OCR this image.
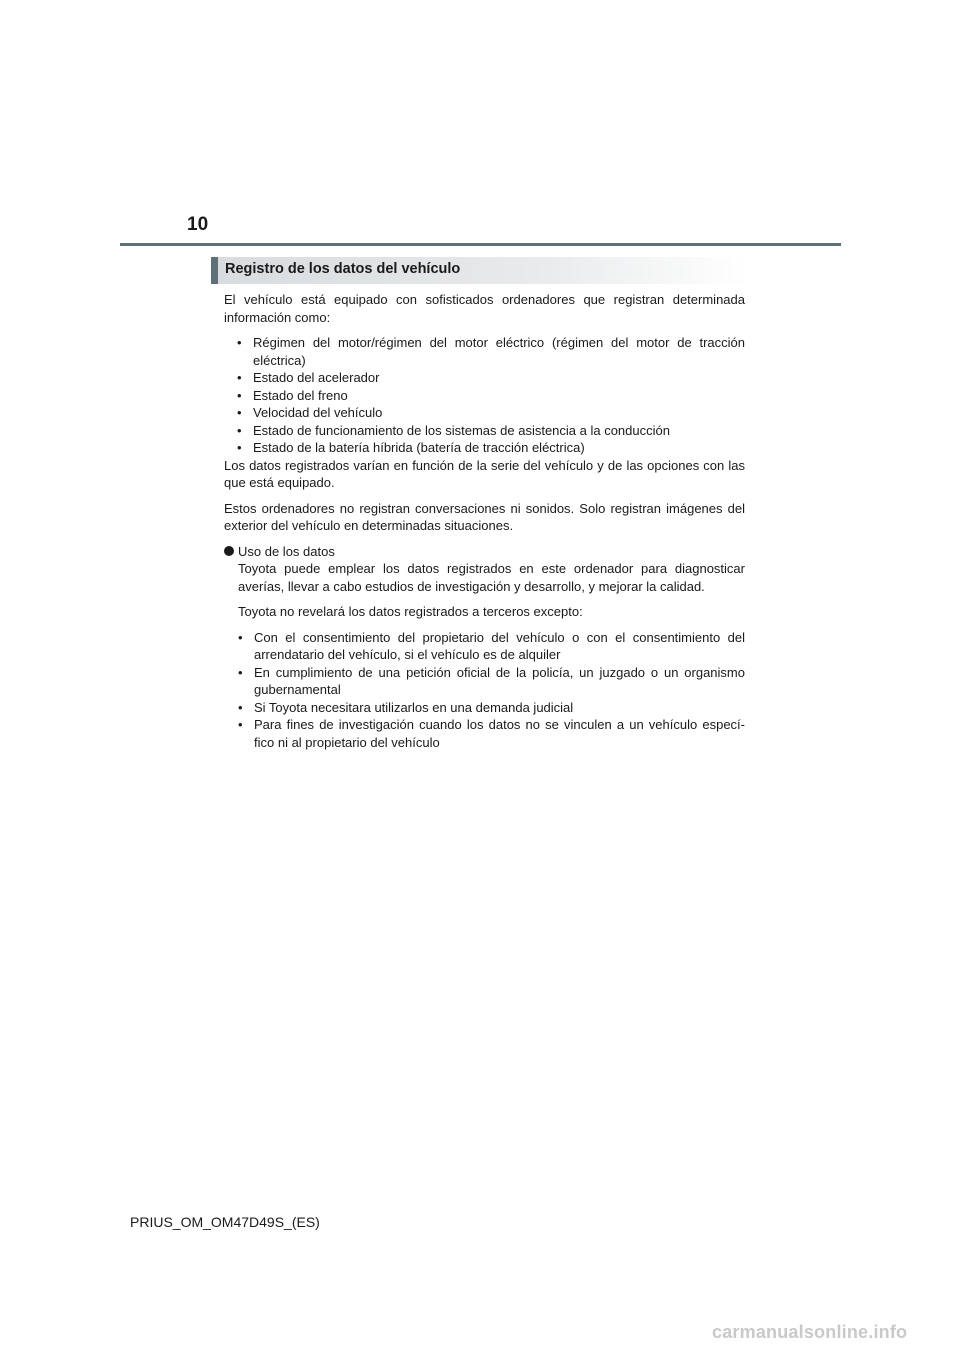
10
Registro de los datos del vehículo

El vehículo está equipado con sofisticados ordenadores que registran determinada información como:

• Régimen del motor/régimen del motor eléctrico (régimen del motor de tracción eléctrica)
• Estado del acelerador
• Estado del freno
• Velocidad del vehículo
• Estado de funcionamiento de los sistemas de asistencia a la conducción
• Estado de la batería híbrida (batería de tracción eléctrica)

Los datos registrados varían en función de la serie del vehículo y de las opciones con las que está equipado.

Estos ordenadores no registran conversaciones ni sonidos. Solo registran imágenes del exterior del vehículo en determinadas situaciones.

Uso de los datos

Toyota puede emplear los datos registrados en este ordenador para diagnosticar averías, llevar a cabo estudios de investigación y desarrollo, y mejorar la calidad.

Toyota no revelará los datos registrados a terceros excepto:

• Con el consentimiento del propietario del vehículo o con el consentimiento del arrendatario del vehículo, si el vehículo es de alquiler
• En cumplimiento de una petición oficial de la policía, un juzgado o un organismo gubernamental
• Si Toyota necesitara utilizarlos en una demanda judicial
• Para fines de investigación cuando los datos no se vinculen a un vehículo especí-fico ni al propietario del vehículo
PRIUS_OM_OM47D49S_(ES)
carmanualsonline.info
